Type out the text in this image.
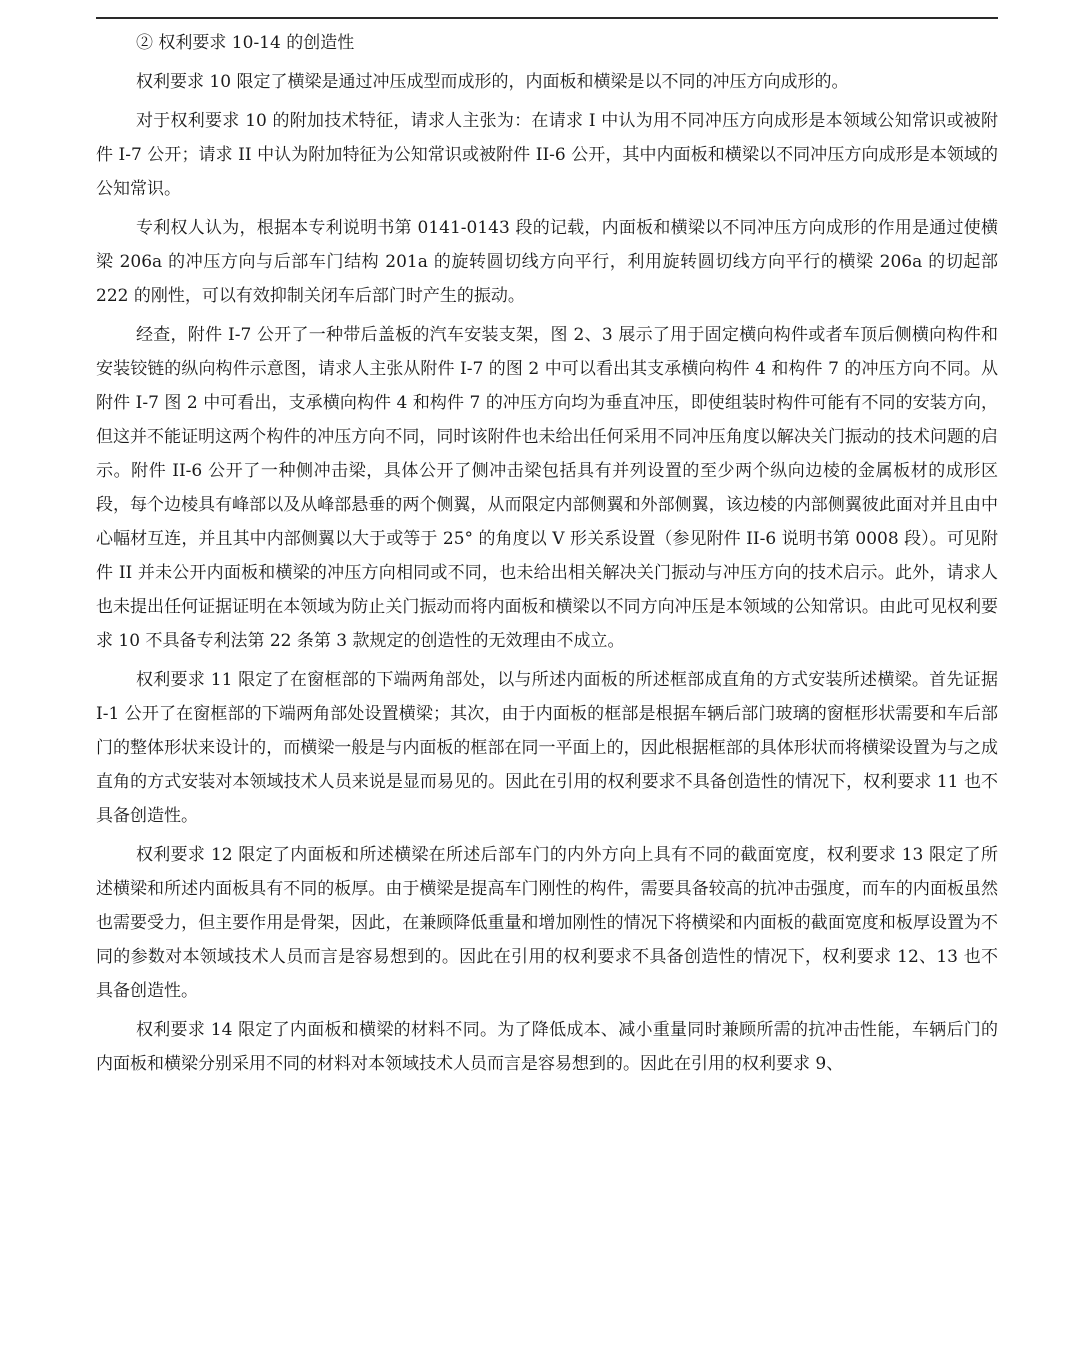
② 权利要求 10-14 的创造性

权利要求 10 限定了横梁是通过冲压成型而成形的，内面板和横梁是以不同的冲压方向成形的。

对于权利要求 10 的附加技术特征，请求人主张为：在请求 I 中认为用不同冲压方向成形是本领域公知常识或被附件 I-7 公开；请求 II 中认为附加特征为公知常识或被附件 II-6 公开，其中内面板和横梁以不同冲压方向成形是本领域的公知常识。

专利权人认为，根据本专利说明书第 0141-0143 段的记载，内面板和横梁以不同冲压方向成形的作用是通过使横梁 206a 的冲压方向与后部车门结构 201a 的旋转圆切线方向平行，利用旋转圆切线方向平行的横梁 206a 的切起部 222 的刚性，可以有效抑制关闭车后部门时产生的振动。

经查，附件 I-7 公开了一种带后盖板的汽车安装支架，图 2、3 展示了用于固定横向构件或者车顶后侧横向构件和安装铰链的纵向构件示意图，请求人主张从附件 I-7 的图 2 中可以看出其支承横向构件 4 和构件 7 的冲压方向不同。从附件 I-7 图 2 中可看出，支承横向构件 4 和构件 7 的冲压方向均为垂直冲压，即使组装时构件可能有不同的安装方向，但这并不能证明这两个构件的冲压方向不同，同时该附件也未给出任何采用不同冲压角度以解决关门振动的技术问题的启示。附件 II-6 公开了一种侧冲击梁，具体公开了侧冲击梁包括具有并列设置的至少两个纵向边棱的金属板材的成形区段，每个边棱具有峰部以及从峰部悬垂的两个侧翼，从而限定内部侧翼和外部侧翼，该边棱的内部侧翼彼此面对并且由中心幅材互连，并且其中内部侧翼以大于或等于 25° 的角度以 V 形关系设置（参见附件 II-6 说明书第 0008 段）。可见附件 II 并未公开内面板和横梁的冲压方向相同或不同，也未给出相关解决关门振动与冲压方向的技术启示。此外，请求人也未提出任何证据证明在本领域为防止关门振动而将内面板和横梁以不同方向冲压是本领域的公知常识。由此可见权利要求 10 不具备专利法第 22 条第 3 款规定的创造性的无效理由不成立。

权利要求 11 限定了在窗框部的下端两角部处，以与所述内面板的所述框部成直角的方式安装所述横梁。首先证据 I-1 公开了在窗框部的下端两角部处设置横梁；其次，由于内面板的框部是根据车辆后部门玻璃的窗框形状需要和车后部门的整体形状来设计的，而横梁一般是与内面板的框部在同一平面上的，因此根据框部的具体形状而将横梁设置为与之成直角的方式安装对本领域技术人员来说是显而易见的。因此在引用的权利要求不具备创造性的情况下，权利要求 11 也不具备创造性。

权利要求 12 限定了内面板和所述横梁在所述后部车门的内外方向上具有不同的截面宽度，权利要求 13 限定了所述横梁和所述内面板具有不同的板厚。由于横梁是提高车门刚性的构件，需要具备较高的抗冲击强度，而车的内面板虽然也需要受力，但主要作用是骨架，因此，在兼顾降低重量和增加刚性的情况下将横梁和内面板的截面宽度和板厚设置为不同的参数对本领域技术人员而言是容易想到的。因此在引用的权利要求不具备创造性的情况下，权利要求 12、13 也不具备创造性。

权利要求 14 限定了内面板和横梁的材料不同。为了降低成本、减小重量同时兼顾所需的抗冲击性能，车辆后门的内面板和横梁分别采用不同的材料对本领域技术人员而言是容易想到的。因此在引用的权利要求 9、
